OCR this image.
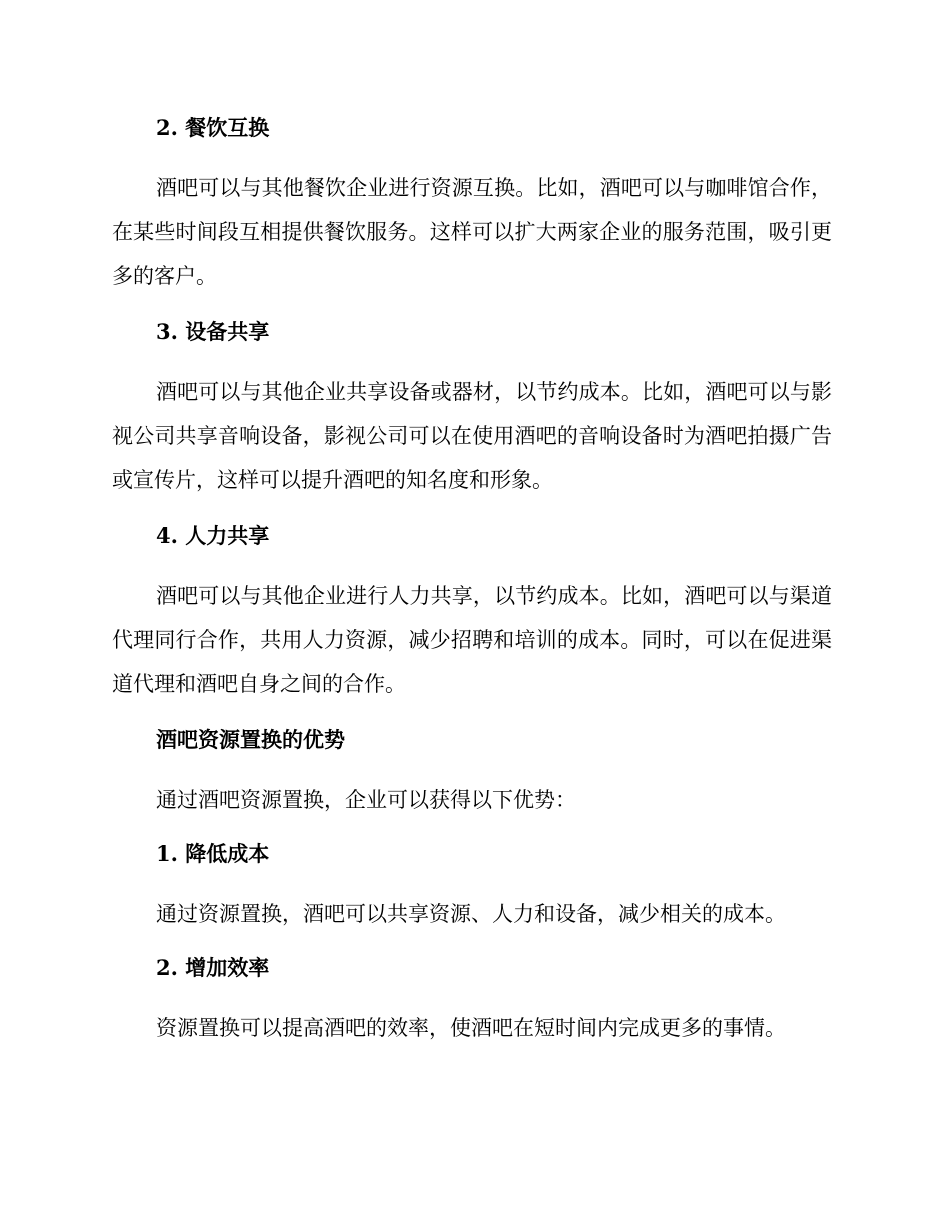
2. 餐饮互换

酒吧可以与其他餐饮企业进行资源互换。比如，酒吧可以与咖啡馆合作，在某些时间段互相提供餐饮服务。这样可以扩大两家企业的服务范围，吸引更多的客户。

3. 设备共享

酒吧可以与其他企业共享设备或器材，以节约成本。比如，酒吧可以与影视公司共享音响设备，影视公司可以在使用酒吧的音响设备时为酒吧拍摄广告或宣传片，这样可以提升酒吧的知名度和形象。

4. 人力共享

酒吧可以与其他企业进行人力共享，以节约成本。比如，酒吧可以与渠道代理同行合作，共用人力资源，减少招聘和培训的成本。同时，可以在促进渠道代理和酒吧自身之间的合作。

酒吧资源置换的优势

通过酒吧资源置换，企业可以获得以下优势：

1. 降低成本

通过资源置换，酒吧可以共享资源、人力和设备，减少相关的成本。

2. 增加效率

资源置换可以提高酒吧的效率，使酒吧在短时间内完成更多的事情。
